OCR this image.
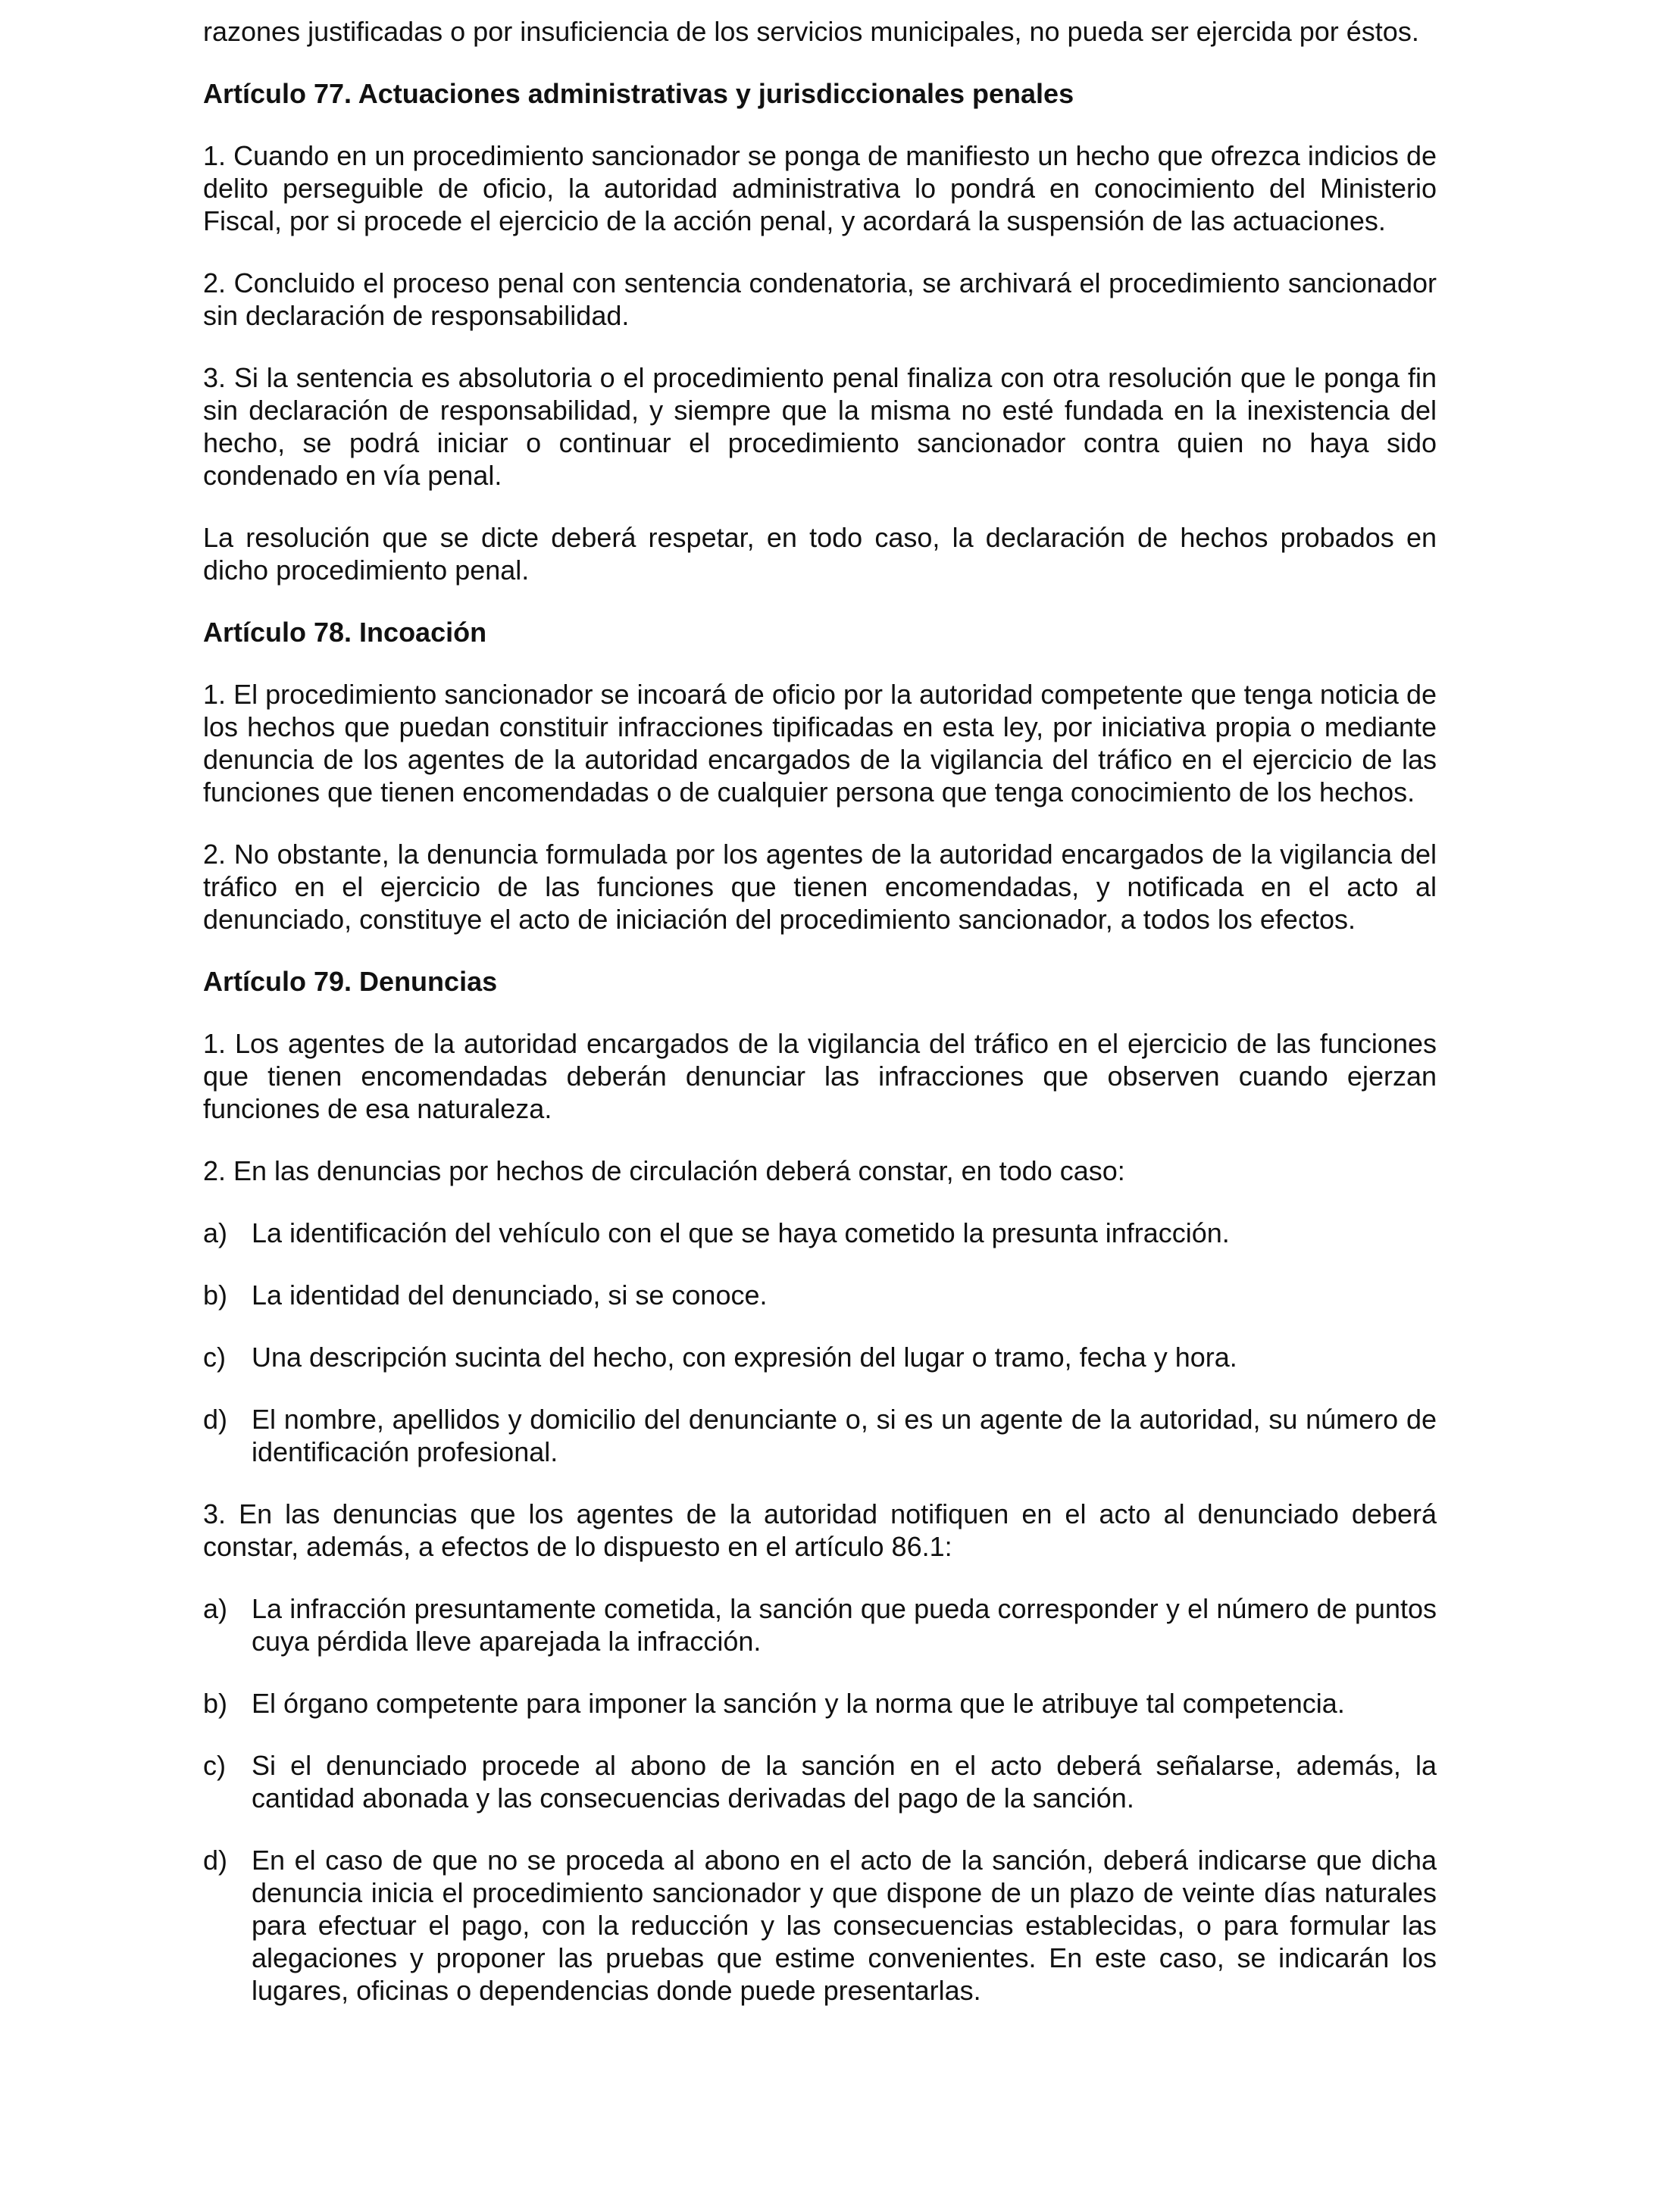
razones justificadas o por insuficiencia de los servicios municipales, no pueda ser ejercida por éstos.

Artículo 77. Actuaciones administrativas y jurisdiccionales penales

1. Cuando en un procedimiento sancionador se ponga de manifiesto un hecho que ofrezca indicios de delito perseguible de oficio, la autoridad administrativa lo pondrá en conocimiento del Ministerio Fiscal, por si procede el ejercicio de la acción penal, y acordará la suspensión de las actuaciones.

2. Concluido el proceso penal con sentencia condenatoria, se archivará el procedimiento sancionador sin declaración de responsabilidad.

3. Si la sentencia es absolutoria o el procedimiento penal finaliza con otra resolución que le ponga fin sin declaración de responsabilidad, y siempre que la misma no esté fundada en la inexistencia del hecho, se podrá iniciar o continuar el procedimiento sancionador contra quien no haya sido condenado en vía penal.

La resolución que se dicte deberá respetar, en todo caso, la declaración de hechos probados en dicho procedimiento penal.

Artículo 78. Incoación

1. El procedimiento sancionador se incoará de oficio por la autoridad competente que tenga noticia de los hechos que puedan constituir infracciones tipificadas en esta ley, por iniciativa propia o mediante denuncia de los agentes de la autoridad encargados de la vigilancia del tráfico en el ejercicio de las funciones que tienen encomendadas o de cualquier persona que tenga conocimiento de los hechos.

2. No obstante, la denuncia formulada por los agentes de la autoridad encargados de la vigilancia del tráfico en el ejercicio de las funciones que tienen encomendadas, y notificada en el acto al denunciado, constituye el acto de iniciación del procedimiento sancionador, a todos los efectos.

Artículo 79. Denuncias

1. Los agentes de la autoridad encargados de la vigilancia del tráfico en el ejercicio de las funciones que tienen encomendadas deberán denunciar las infracciones que observen cuando ejerzan funciones de esa naturaleza.

2. En las denuncias por hechos de circulación deberá constar, en todo caso:

a) La identificación del vehículo con el que se haya cometido la presunta infracción.
b) La identidad del denunciado, si se conoce.
c) Una descripción sucinta del hecho, con expresión del lugar o tramo, fecha y hora.
d) El nombre, apellidos y domicilio del denunciante o, si es un agente de la autoridad, su número de identificación profesional.

3. En las denuncias que los agentes de la autoridad notifiquen en el acto al denunciado deberá constar, además, a efectos de lo dispuesto en el artículo 86.1:

a) La infracción presuntamente cometida, la sanción que pueda corresponder y el número de puntos cuya pérdida lleve aparejada la infracción.
b) El órgano competente para imponer la sanción y la norma que le atribuye tal competencia.
c) Si el denunciado procede al abono de la sanción en el acto deberá señalarse, además, la cantidad abonada y las consecuencias derivadas del pago de la sanción.
d) En el caso de que no se proceda al abono en el acto de la sanción, deberá indicarse que dicha denuncia inicia el procedimiento sancionador y que dispone de un plazo de veinte días naturales para efectuar el pago, con la reducción y las consecuencias establecidas, o para formular las alegaciones y proponer las pruebas que estime convenientes. En este caso, se indicarán los lugares, oficinas o dependencias donde puede presentarlas.
